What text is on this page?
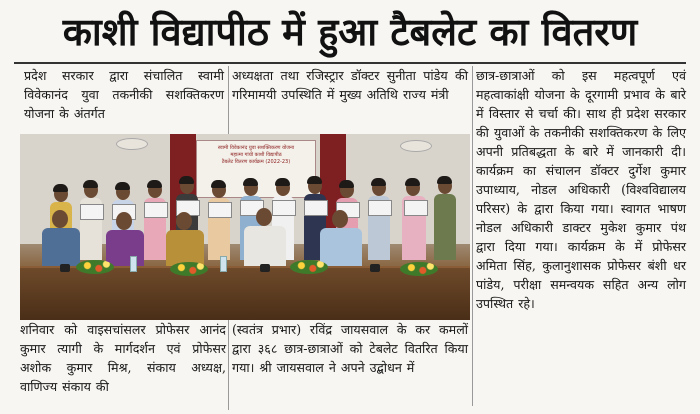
काशी विद्यापीठ में हुआ टैबलेट का वितरण

प्रदेश सरकार द्वारा संचालित स्वामी विवेकानंद युवा तकनीकी सशक्तिकरण योजना के अंतर्गत

अध्यक्षता तथा रजिस्ट्रार डॉक्टर सुनीता पांडेय की गरिमामयी उपस्थिति में मुख्य अतिथि राज्य मंत्री

छात्र-छात्राओं को इस महत्वपूर्ण एवं महत्वाकांक्षी योजना के दूरगामी प्रभाव के बारे में विस्तार से चर्चा की। साथ ही प्रदेश सरकार की युवाओं के तकनीकी सशक्तिकरण के लिए अपनी प्रतिबद्धता के बारे में जानकारी दी। कार्यक्रम का संचालन डॉक्टर दुर्गेश कुमार उपाध्याय, नोडल अधिकारी (विश्वविद्यालय परिसर) के द्वारा किया गया। स्वागत भाषण नोडल अधिकारी डाक्टर मुकेश कुमार पंथ द्वारा दिया गया। कार्यक्रम के में प्रोफेसर अमिता सिंह, कुलानुशासक प्रोफेसर बंशी धर पांडेय, परीक्षा समन्वयक सहित अन्य लोग उपस्थित रहे।

स्वामी विवेकानंद युवा सशक्तिकरण योजना
महात्मा गांधी काशी विद्यापीठ
टैबलेट वितरण कार्यक्रम (2022-23)

शनिवार को वाइसचांसलर प्रोफेसर आनंद कुमार त्यागी के मार्गदर्शन एवं प्रोफेसर अशोक कुमार मिश्र, संकाय अध्यक्ष, वाणिज्य संकाय की

(स्वतंत्र प्रभार) रविंद्र जायसवाल के कर कमलों द्वारा ३६८ छात्र-छात्राओं को टेबलेट वितरित किया गया। श्री जायसवाल ने अपने उद्बोधन में
